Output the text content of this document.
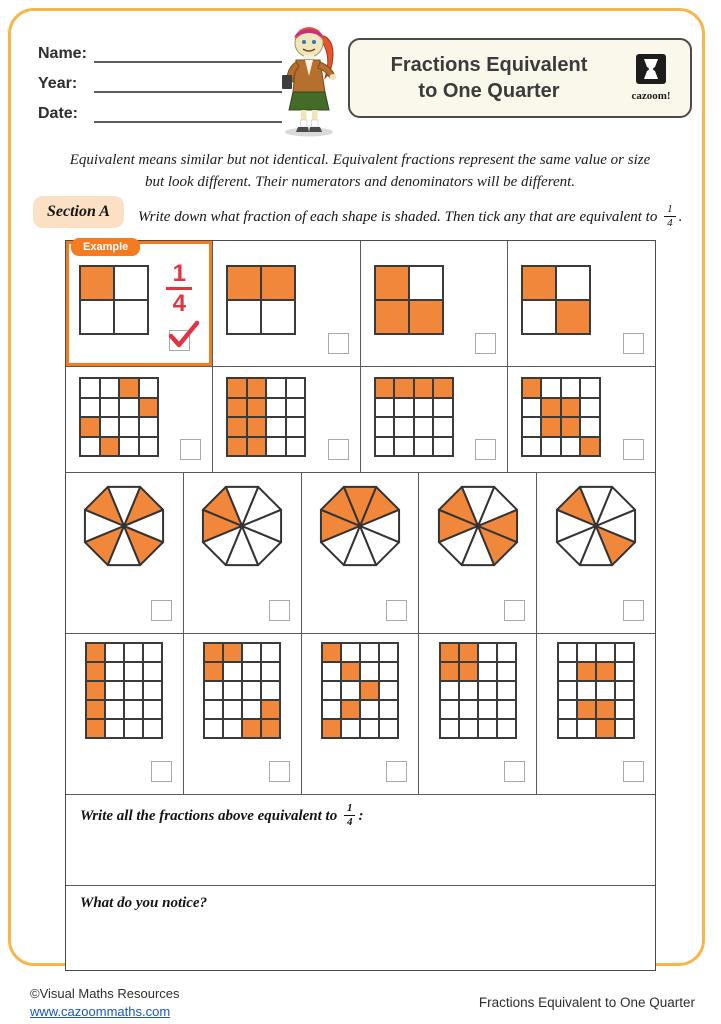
Name:
Year:
Date:
Fractions Equivalent
to One Quarter	cazoom!
Equivalent means similar but not identical. Equivalent fractions represent the same value or size but look different. Their numerators and denominators will be different.
Section A	Write down what fraction of each shape is shaded. Then tick any that are equivalent to $\frac{1}{4}$ .
1
4
Example
Write all the fractions above equivalent to $\frac{1}{4}$ :
What do you notice?
©Visual Maths Resources
www.cazoommaths.com
Fractions Equivalent to One Quarter
